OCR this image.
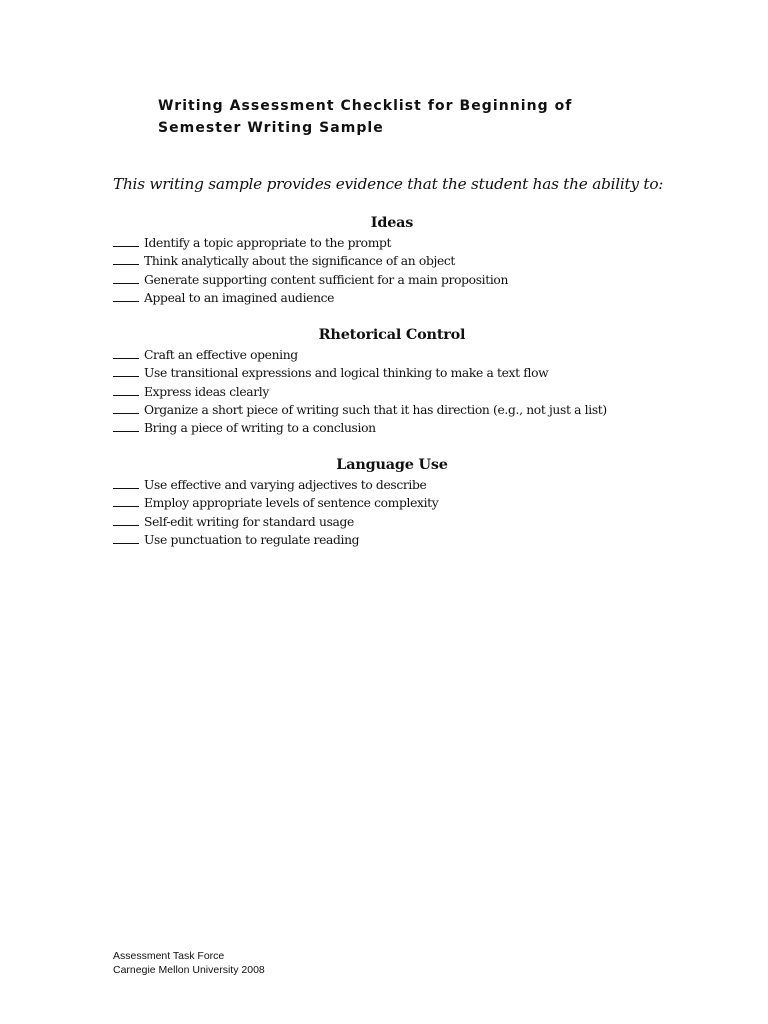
Writing Assessment Checklist for Beginning of
Semester Writing Sample
This writing sample provides evidence that the student has the ability to:
Ideas
Identify a topic appropriate to the prompt
Think analytically about the significance of an object
Generate supporting content sufficient for a main proposition
Appeal to an imagined audience
Rhetorical Control
Craft an effective opening
Use transitional expressions and logical thinking to make a text flow
Express ideas clearly
Organize a short piece of writing such that it has direction (e.g., not just a list)
Bring a piece of writing to a conclusion
Language Use
Use effective and varying adjectives to describe
Employ appropriate levels of sentence complexity
Self-edit writing for standard usage
Use punctuation to regulate reading
Assessment Task Force
Carnegie Mellon University 2008
